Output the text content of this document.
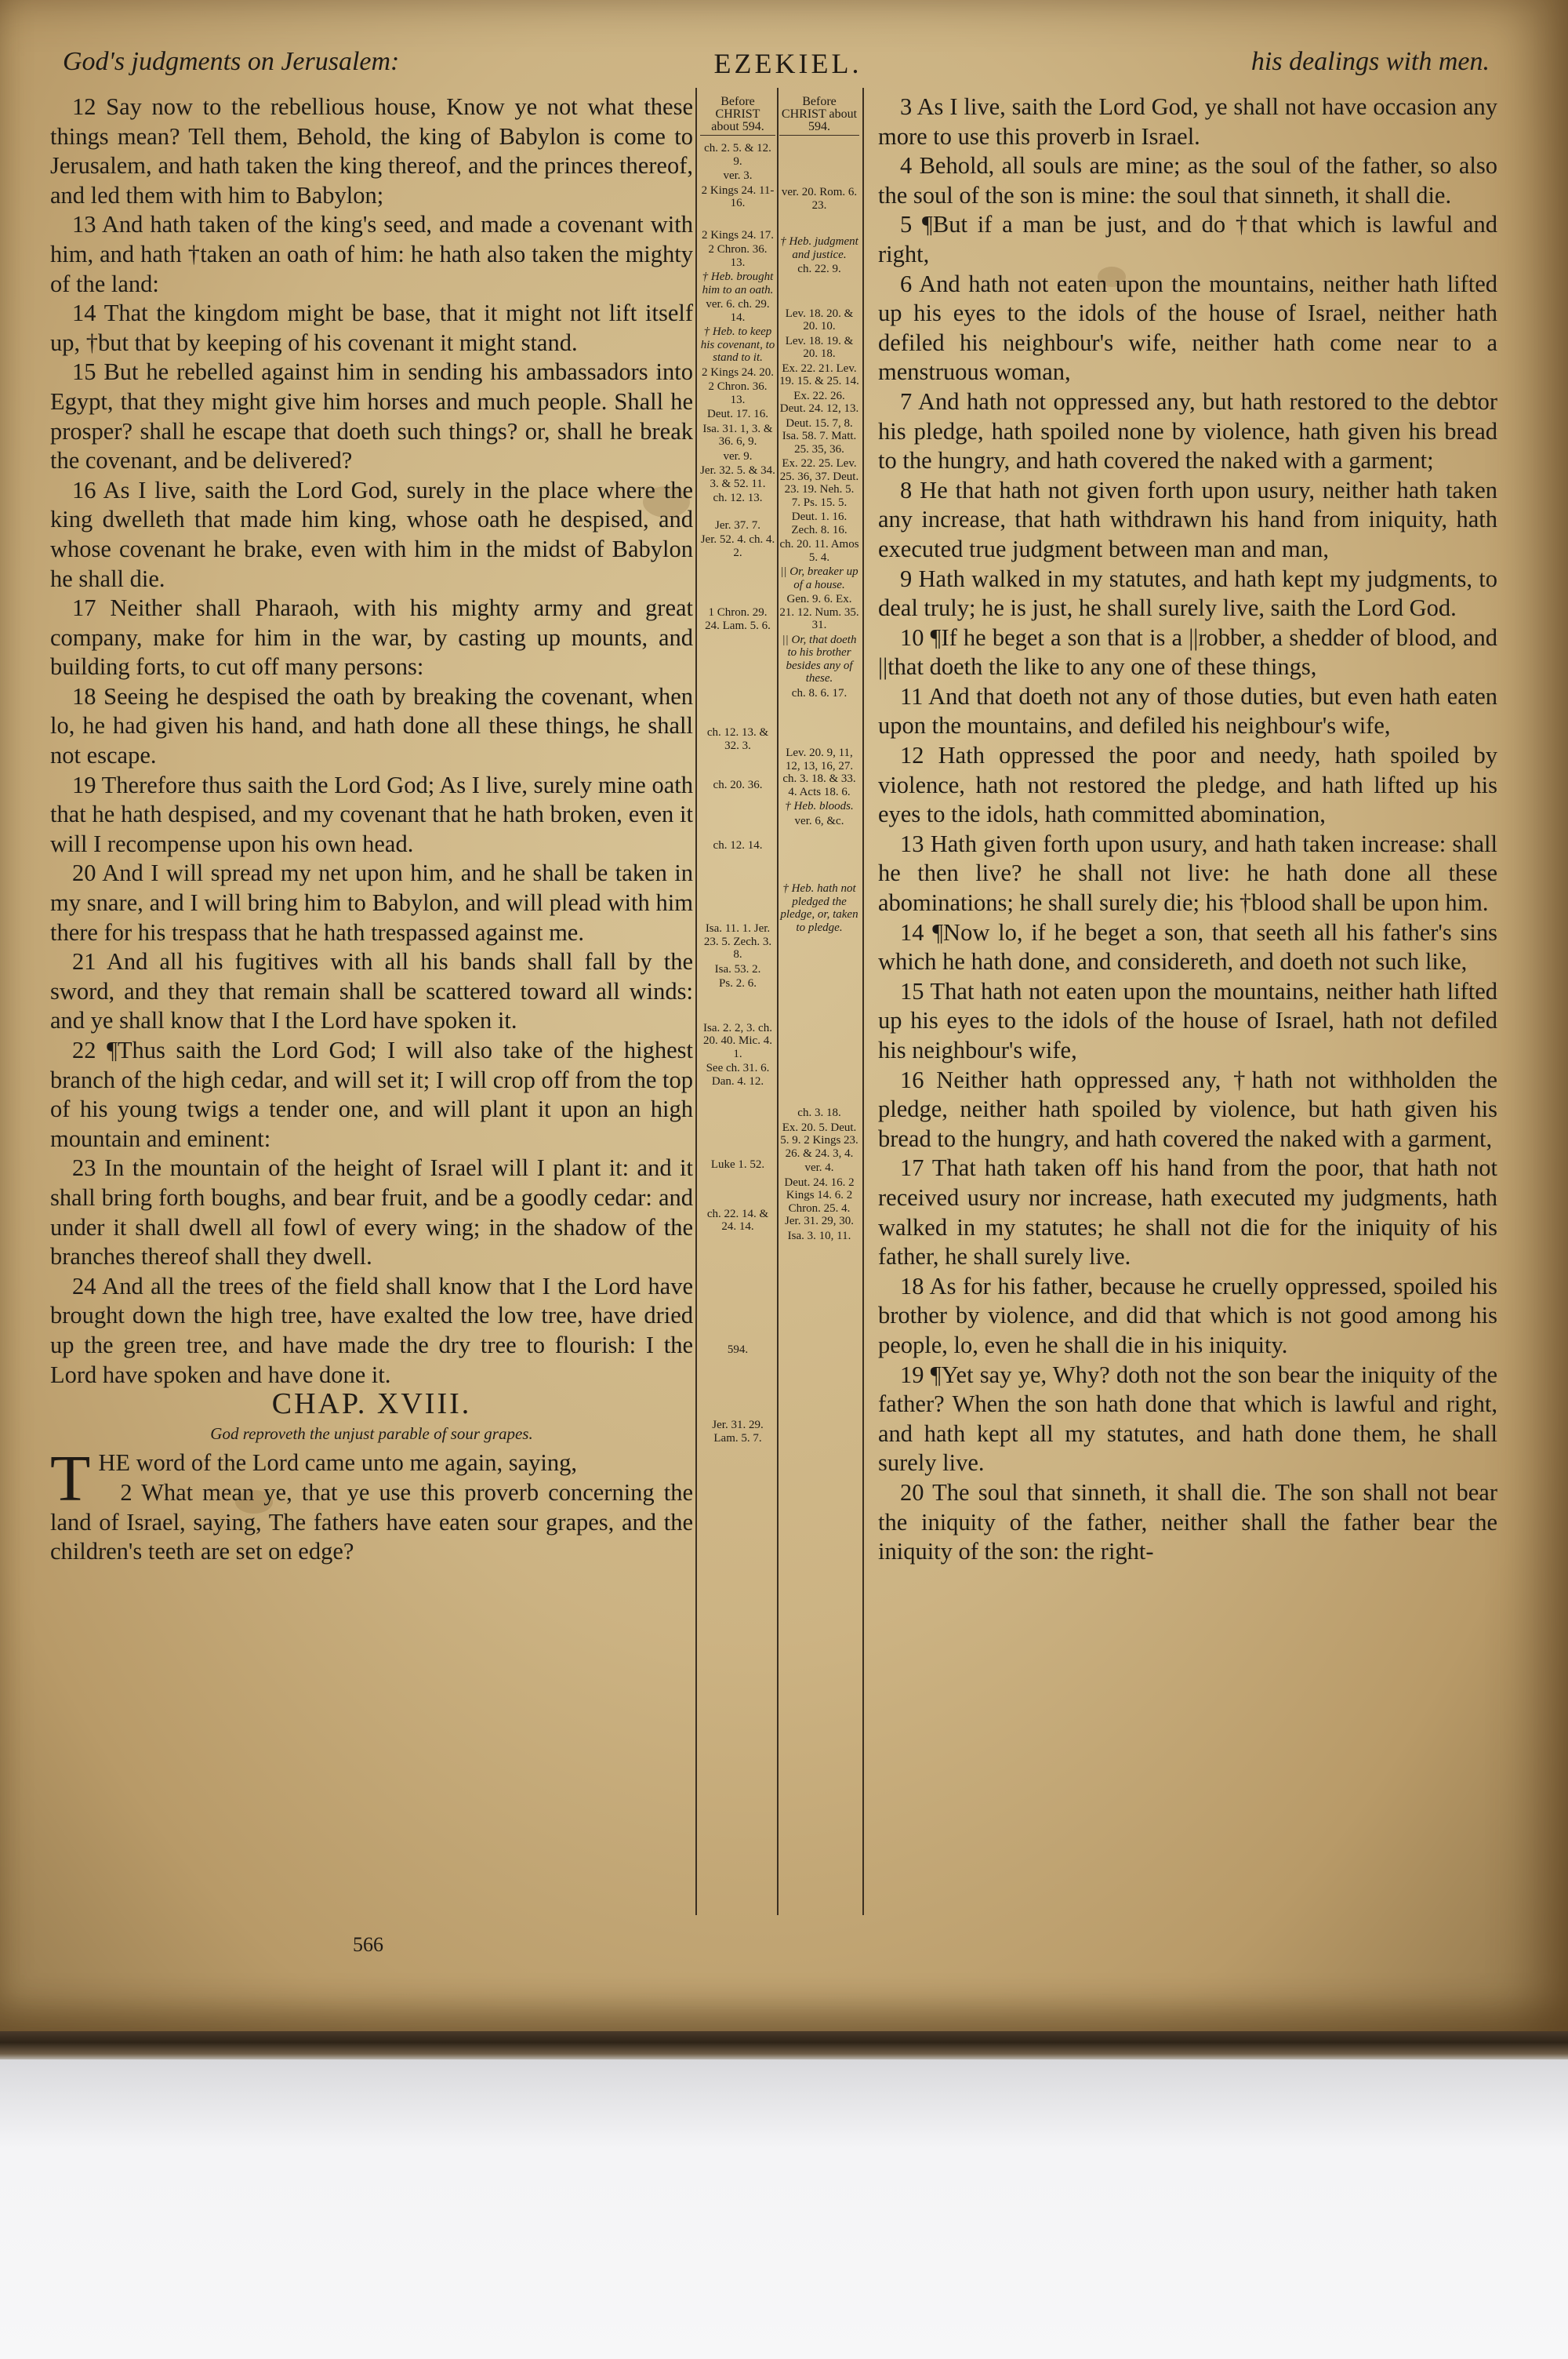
God's judgments on Jerusalem:	EZEKIEL.	his dealings with men.

12 Say now to the rebellious house, Know ye not what these things mean? Tell them, Behold, the king of Babylon is come to Jerusalem, and hath taken the king thereof, and the princes thereof, and led them with him to Babylon;

13 And hath taken of the king's seed, and made a covenant with him, and hath †taken an oath of him: he hath also taken the mighty of the land:

14 That the kingdom might be base, that it might not lift itself up, †but that by keeping of his covenant it might stand.

15 But he rebelled against him in sending his ambassadors into Egypt, that they might give him horses and much people. Shall he prosper? shall he escape that doeth such things? or, shall he break the covenant, and be delivered?

16 As I live, saith the Lord God, surely in the place where the king dwelleth that made him king, whose oath he despised, and whose covenant he brake, even with him in the midst of Babylon he shall die.

17 Neither shall Pharaoh, with his mighty army and great company, make for him in the war, by casting up mounts, and building forts, to cut off many persons:

18 Seeing he despised the oath by breaking the covenant, when lo, he had given his hand, and hath done all these things, he shall not escape.

19 Therefore thus saith the Lord God; As I live, surely mine oath that he hath despised, and my covenant that he hath broken, even it will I recompense upon his own head.

20 And I will spread my net upon him, and he shall be taken in my snare, and I will bring him to Babylon, and will plead with him there for his trespass that he hath trespassed against me.

21 And all his fugitives with all his bands shall fall by the sword, and they that remain shall be scattered toward all winds: and ye shall know that I the Lord have spoken it.

22 ¶Thus saith the Lord God; I will also take of the highest branch of the high cedar, and will set it; I will crop off from the top of his young twigs a tender one, and will plant it upon an high mountain and eminent:

23 In the mountain of the height of Israel will I plant it: and it shall bring forth boughs, and bear fruit, and be a goodly cedar: and under it shall dwell all fowl of every wing; in the shadow of the branches thereof shall they dwell.

24 And all the trees of the field shall know that I the Lord have brought down the high tree, have exalted the low tree, have dried up the green tree, and have made the dry tree to flourish: I the Lord have spoken and have done it.

CHAP. XVIII.

God reproveth the unjust parable of sour grapes.

THE word of the Lord came unto me again, saying,

2 What mean ye, that ye use this proverb concerning the land of Israel, saying, The fathers have eaten sour grapes, and the children's teeth are set on edge?

Before CHRIST about 594.
ch. 2. 5. & 12. 9.
ver. 3.
2 Kings 24. 11-16.
2 Kings 24. 17.
2 Chron. 36. 13.
† Heb. brought him to an oath.
ver. 6. ch. 29. 14.
† Heb. to keep his covenant, to stand to it.
2 Kings 24. 20.
2 Chron. 36. 13.
Deut. 17. 16.
Isa. 31. 1, 3. & 36. 6, 9.
ver. 9.
Jer. 32. 5. & 34. 3. & 52. 11.
ch. 12. 13.
Jer. 37. 7.
Jer. 52. 4. ch. 4. 2.
1 Chron. 29. 24. Lam. 5. 6.
ch. 12. 13. & 32. 3.
ch. 20. 36.
ch. 12. 14.
Isa. 11. 1. Jer. 23. 5. Zech. 3. 8.
Isa. 53. 2.
Ps. 2. 6.
Isa. 2. 2, 3. ch. 20. 40. Mic. 4. 1.
See ch. 31. 6. Dan. 4. 12.
Luke 1. 52.
ch. 22. 14. & 24. 14.
594.
Jer. 31. 29. Lam. 5. 7.
Before CHRIST about 594.
ver. 20. Rom. 6. 23.
† Heb. judgment and justice.
ch. 22. 9.
Lev. 18. 20. & 20. 10.
Lev. 18. 19. & 20. 18.
Ex. 22. 21. Lev. 19. 15. & 25. 14.
Ex. 22. 26. Deut. 24. 12, 13.
Deut. 15. 7, 8. Isa. 58. 7. Matt. 25. 35, 36.
Ex. 22. 25. Lev. 25. 36, 37. Deut. 23. 19. Neh. 5. 7. Ps. 15. 5.
Deut. 1. 16. Zech. 8. 16.
ch. 20. 11. Amos 5. 4.
|| Or, breaker up of a house.
Gen. 9. 6. Ex. 21. 12. Num. 35. 31.
|| Or, that doeth to his brother besides any of these.
ch. 8. 6. 17.
Lev. 20. 9, 11, 12, 13, 16, 27. ch. 3. 18. & 33. 4. Acts 18. 6.
† Heb. bloods.
ver. 6, &c.
† Heb. hath not pledged the pledge, or, taken to pledge.
ch. 3. 18.
Ex. 20. 5. Deut. 5. 9. 2 Kings 23. 26. & 24. 3, 4.
ver. 4.
Deut. 24. 16. 2 Kings 14. 6. 2 Chron. 25. 4. Jer. 31. 29, 30.
Isa. 3. 10, 11.

3 As I live, saith the Lord God, ye shall not have occasion any more to use this proverb in Israel.

4 Behold, all souls are mine; as the soul of the father, so also the soul of the son is mine: the soul that sinneth, it shall die.

5 ¶But if a man be just, and do †that which is lawful and right,

6 And hath not eaten upon the mountains, neither hath lifted up his eyes to the idols of the house of Israel, neither hath defiled his neighbour's wife, neither hath come near to a menstruous woman,

7 And hath not oppressed any, but hath restored to the debtor his pledge, hath spoiled none by violence, hath given his bread to the hungry, and hath covered the naked with a garment;

8 He that hath not given forth upon usury, neither hath taken any increase, that hath withdrawn his hand from iniquity, hath executed true judgment between man and man,

9 Hath walked in my statutes, and hath kept my judgments, to deal truly; he is just, he shall surely live, saith the Lord God.

10 ¶If he beget a son that is a ||robber, a shedder of blood, and ||that doeth the like to any one of these things,

11 And that doeth not any of those duties, but even hath eaten upon the mountains, and defiled his neighbour's wife,

12 Hath oppressed the poor and needy, hath spoiled by violence, hath not restored the pledge, and hath lifted up his eyes to the idols, hath committed abomination,

13 Hath given forth upon usury, and hath taken increase: shall he then live? he shall not live: he hath done all these abominations; he shall surely die; his †blood shall be upon him.

14 ¶Now lo, if he beget a son, that seeth all his father's sins which he hath done, and considereth, and doeth not such like,

15 That hath not eaten upon the mountains, neither hath lifted up his eyes to the idols of the house of Israel, hath not defiled his neighbour's wife,

16 Neither hath oppressed any, †hath not withholden the pledge, neither hath spoiled by violence, but hath given his bread to the hungry, and hath covered the naked with a garment,

17 That hath taken off his hand from the poor, that hath not received usury nor increase, hath executed my judgments, hath walked in my statutes; he shall not die for the iniquity of his father, he shall surely live.

18 As for his father, because he cruelly oppressed, spoiled his brother by violence, and did that which is not good among his people, lo, even he shall die in his iniquity.

19 ¶Yet say ye, Why? doth not the son bear the iniquity of the father? When the son hath done that which is lawful and right, and hath kept all my statutes, and hath done them, he shall surely live.

20 The soul that sinneth, it shall die. The son shall not bear the iniquity of the father, neither shall the father bear the iniquity of the son: the right-

566
